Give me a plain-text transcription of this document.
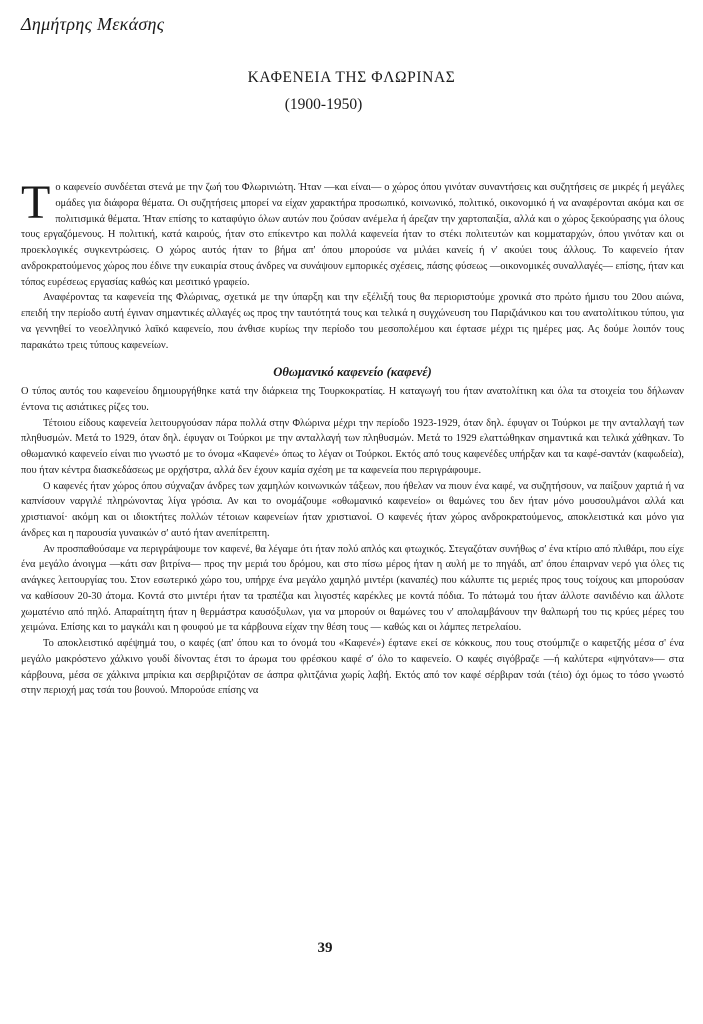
Δημήτρης Μεκάσης
ΚΑΦΕΝΕΙΑ ΤΗΣ ΦΛΩΡΙΝΑΣ
(1900-1950)

Το καφενείο συνδέεται στενά με την ζωή του Φλωρινιώτη. Ήταν —και είναι— ο χώρος όπου γινόταν συναντήσεις και συζητήσεις σε μικρές ή μεγάλες ομάδες για διάφορα θέματα. Οι συζητήσεις μπορεί να είχαν χαρακτήρα προσωπικό, κοινωνικό, πολιτικό, οικονομικό ή να αναφέρονται ακόμα και σε πολιτισμικά θέματα. Ήταν επίσης το καταφύγιο όλων αυτών που ζούσαν ανέμελα ή άρεζαν την χαρτοπαιξία, αλλά και ο χώρος ξεκούρασης για όλους τους εργαζόμενους. Η πολιτική, κατά καιρούς, ήταν στο επίκεντρο και πολλά καφενεία ήταν το στέκι πολιτευτών και κομματαρχών, όπου γινόταν και οι προεκλογικές συγκεντρώσεις. Ο χώρος αυτός ήταν το βήμα απ' όπου μπορούσε να μιλάει κανείς ή ν' ακούει τους άλλους. Το καφενείο ήταν ανδροκρατούμενος χώρος που έδινε την ευκαιρία στους άνδρες να συνάψουν εμπορικές σχέσεις, πάσης φύσεως —οικονομικές συναλλαγές— επίσης, ήταν και τόπος ευρέσεως εργασίας καθώς και μεσιτικό γραφείο.

Αναφέροντας τα καφενεία της Φλώρινας, σχετικά με την ύπαρξη και την εξέλιξή τους θα περιοριστούμε χρονικά στο πρώτο ήμισυ του 20ου αιώνα, επειδή την περίοδο αυτή έγιναν σημαντικές αλλαγές ως προς την ταυτότητά τους και τελικά η συγχώνευση του Παριζιάνικου και του ανατολίτικου τύπου, για να γεννηθεί το νεοελληνικό λαϊκό καφενείο, που άνθισε κυρίως την περίοδο του μεσοπολέμου και έφτασε μέχρι τις ημέρες μας. Ας δούμε λοιπόν τους παρακάτω τρεις τύπους καφενείων.

Οθωμανικό καφενείο (καφενέ)

Ο τύπος αυτός του καφενείου δημιουργήθηκε κατά την διάρκεια της Τουρκοκρατίας. Η καταγωγή του ήταν ανατολίτικη και όλα τα στοιχεία του δήλωναν έντονα τις ασιάτικες ρίζες του.

Τέτοιου είδους καφενεία λειτουργούσαν πάρα πολλά στην Φλώρινα μέχρι την περίοδο 1923-1929, όταν δηλ. έφυγαν οι Τούρκοι με την ανταλλαγή των πληθυσμών. Μετά το 1929, όταν δηλ. έφυγαν οι Τούρκοι με την ανταλλαγή των πληθυσμών. Μετά το 1929 ελαττώθηκαν σημαντικά και τελικά χάθηκαν. Το οθωμανικό καφενείο είναι πιο γνωστό με το όνομα «Καφενέ» όπως το λέγαν οι Τούρκοι. Εκτός από τους καφενέδες υπήρξαν και τα καφέ-σαντάν (καφωδεία), που ήταν κέντρα διασκεδάσεως με ορχήστρα, αλλά δεν έχουν καμία σχέση με τα καφενεία που περιγράφουμε.

Ο καφενές ήταν χώρος όπου σύχναζαν άνδρες των χαμηλών κοινωνικών τάξεων, που ήθελαν να πιουν ένα καφέ, να συζητήσουν, να παίξουν χαρτιά ή να καπνίσουν ναργιλέ πληρώνοντας λίγα γρόσια. Αν και το ονομάζουμε «οθωμανικό καφενείο» οι θαμώνες του δεν ήταν μόνο μουσουλμάνοι αλλά και χριστιανοί· ακόμη και οι ιδιοκτήτες πολλών τέτοιων καφενείων ήταν χριστιανοί. Ο καφενές ήταν χώρος ανδροκρατούμενος, αποκλειστικά και μόνο για άνδρες και η παρουσία γυναικών σ' αυτό ήταν ανεπίτρεπτη.

Αν προσπαθούσαμε να περιγράψουμε τον καφενέ, θα λέγαμε ότι ήταν πολύ απλός και φτωχικός. Στεγαζόταν συνήθως σ' ένα κτίριο από πλιθάρι, που είχε ένα μεγάλο άνοιγμα —κάτι σαν βιτρίνα— προς την μεριά του δρόμου, και στο πίσω μέρος ήταν η αυλή με το πηγάδι, απ' όπου έπαιρναν νερό για όλες τις ανάγκες λειτουργίας του. Στον εσωτερικό χώρο του, υπήρχε ένα μεγάλο χαμηλό μιντέρι (καναπές) που κάλυπτε τις μεριές προς τους τοίχους και μπορούσαν να καθίσουν 20-30 άτομα. Κοντά στο μιντέρι ήταν τα τραπέζια και λιγοστές καρέκλες με κοντά πόδια. Το πάτωμά του ήταν άλλοτε σανιδένιο και άλλοτε χωματένιο από πηλό. Απαραίτητη ήταν η θερμάστρα καυσόξυλων, για να μπορούν οι θαμώνες του ν' απολαμβάνουν την θαλπωρή του τις κρύες μέρες του χειμώνα. Επίσης και το μαγκάλι και η φουφού με τα κάρβουνα είχαν την θέση τους — καθώς και οι λάμπες πετρελαίου.

Το αποκλειστικό αφέψημά του, ο καφές (απ' όπου και το όνομά του «Καφενέ») έφτανε εκεί σε κόκκους, που τους στούμπιζε ο καφετζής μέσα σ' ένα μεγάλο μακρόστενο χάλκινο γουδί δίνοντας έτσι το άρωμα του φρέσκου καφέ σ' όλο το καφενείο. Ο καφές σιγόβραζε —ή καλύτερα «ψηνόταν»— στα κάρβουνα, μέσα σε χάλκινα μπρίκια και σερβιριζόταν σε άσπρα φλιτζάνια χωρίς λαβή. Εκτός από τον καφέ σέρβιραν τσάι (τέιο) όχι όμως το τόσο γνωστό στην περιοχή μας τσάι του βουνού. Μπορούσε επίσης να

39
